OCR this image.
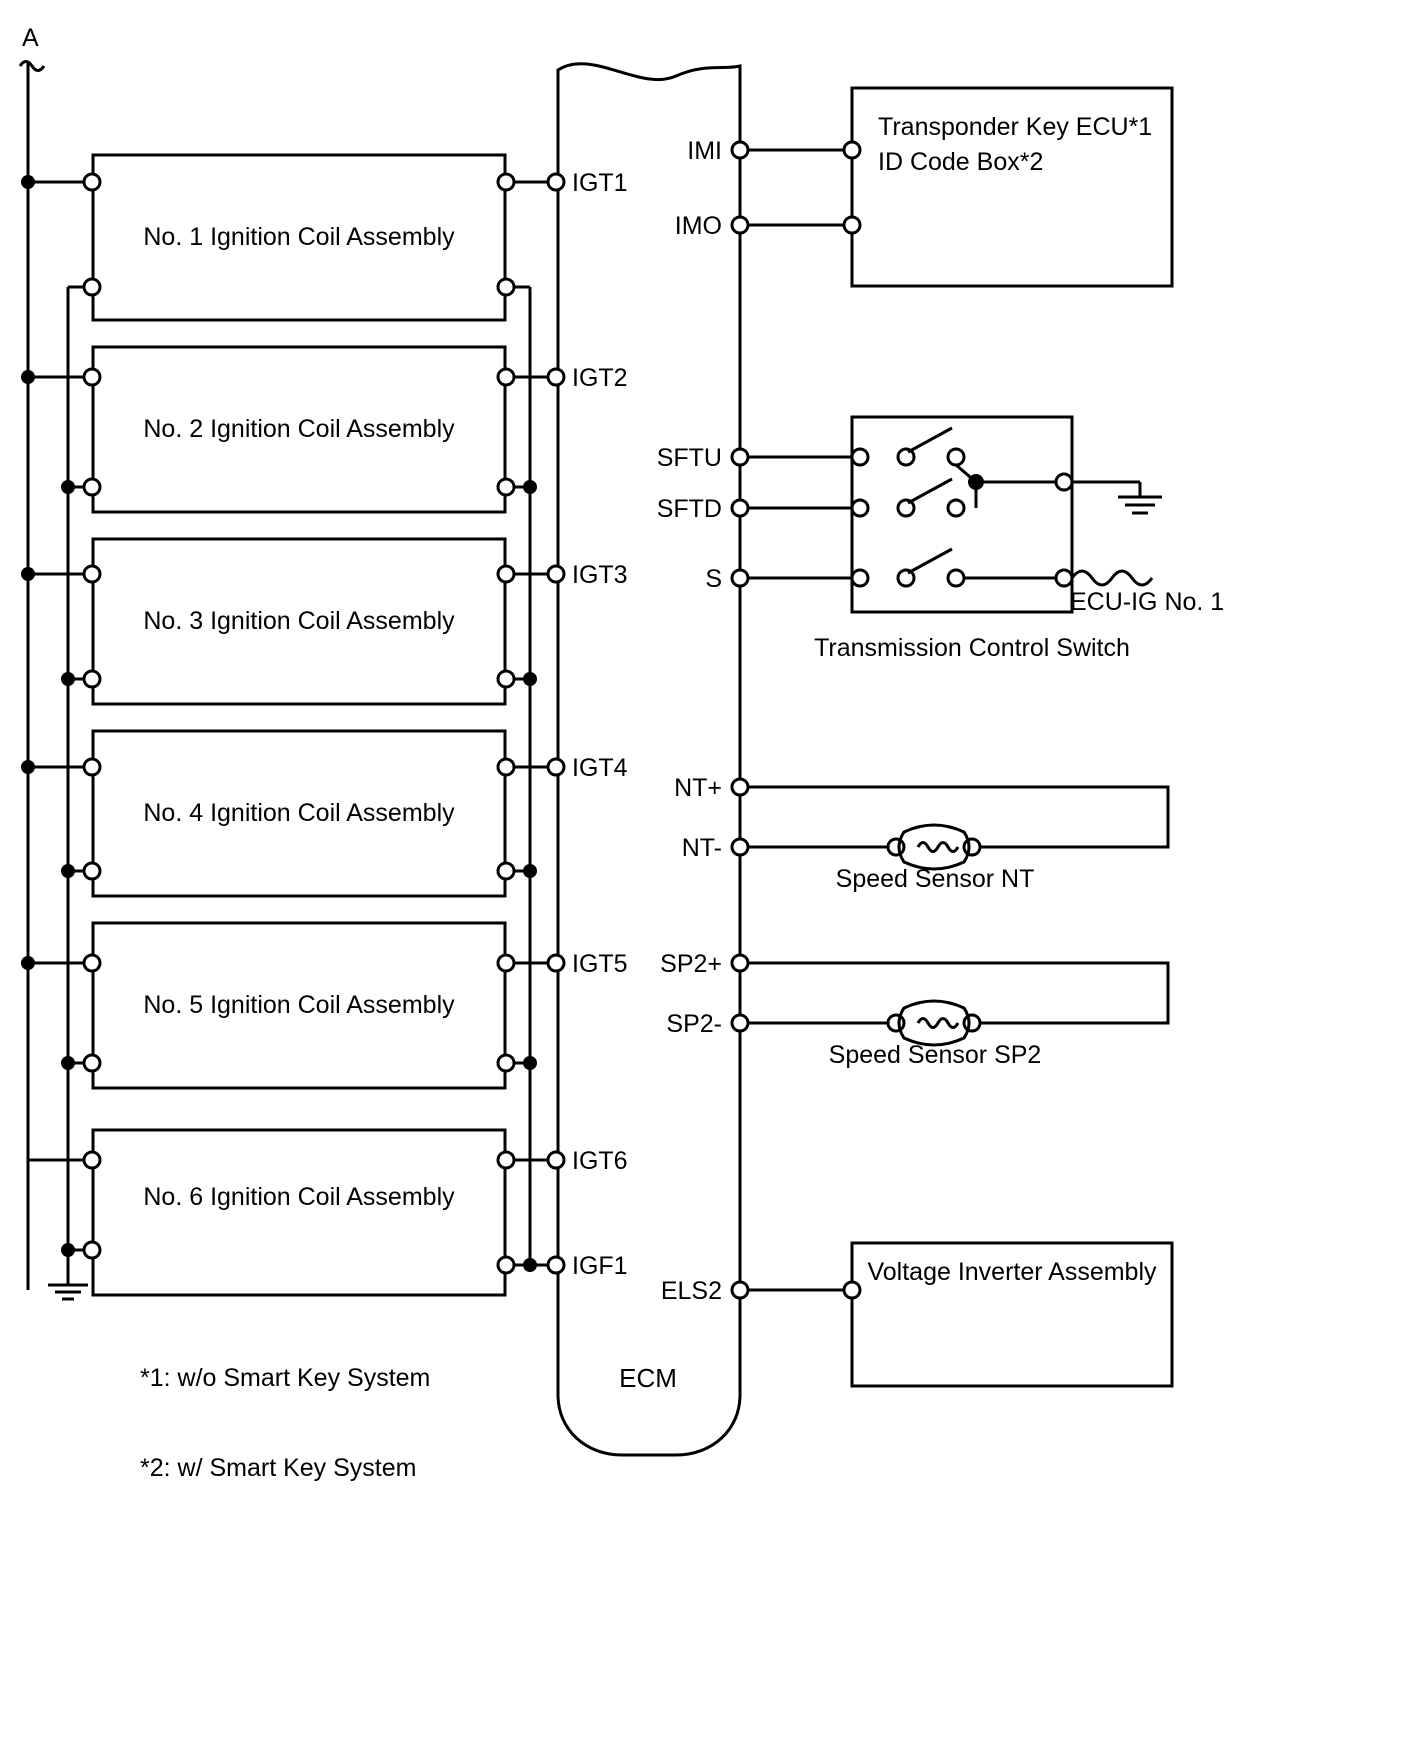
A
No. 1 Ignition Coil Assembly
No. 2 Ignition Coil Assembly
No. 3 Ignition Coil Assembly
No. 4 Ignition Coil Assembly
No. 5 Ignition Coil Assembly
No. 6 Ignition Coil Assembly
IGT1
IGT2
IGT3
IGT4
IGT5
IGT6
IGF1
ECM
IMI
IMO
SFTU
SFTD
S
NT+
NT-
SP2+
SP2-
ELS2
Transponder Key ECU*1
ID Code Box*2
Transmission Control Switch
ECU-IG No. 1
Speed Sensor NT
Speed Sensor SP2
Voltage Inverter Assembly
*1: w/o Smart Key System
*2: w/ Smart Key System
